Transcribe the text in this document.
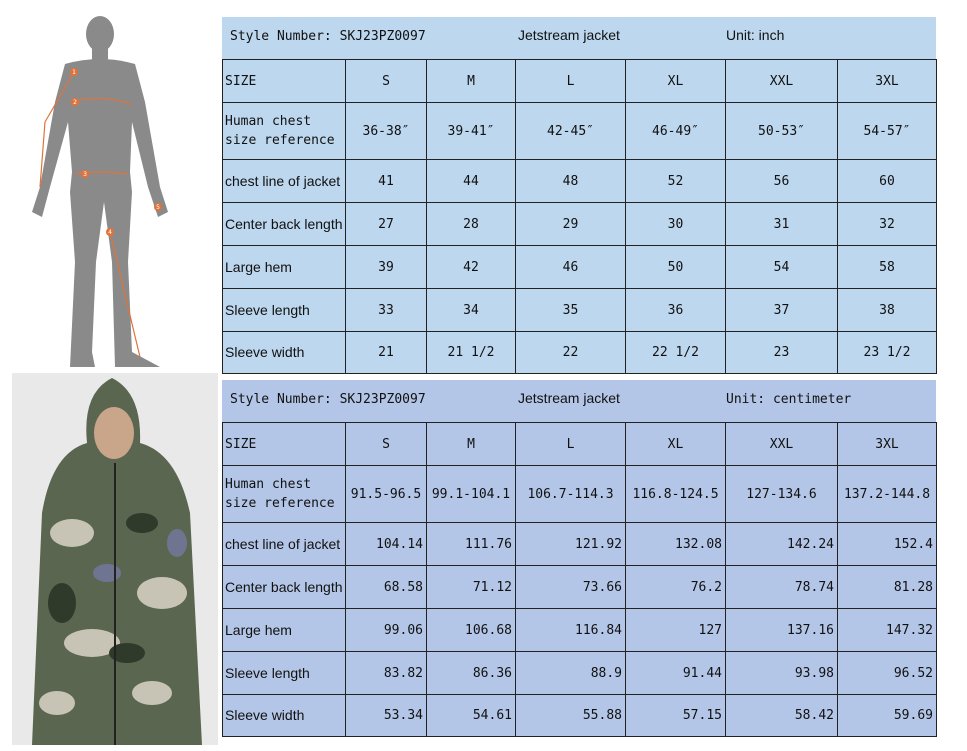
1
2
3
4
5
Style Number: SKJ23PZ0097	Jetstream jacket	Unit: inch
SIZE	S	M	L	XL	XXL	3XL
Human chest size reference	36-38″	39-41″	42-45″	46-49″	50-53″	54-57″
chest line of jacket	41	44	48	52	56	60
Center back length	27	28	29	30	31	32
Large hem	39	42	46	50	54	58
Sleeve length	33	34	35	36	37	38
Sleeve width	21	21 1/2	22	22 1/2	23	23 1/2
Style Number: SKJ23PZ0097	Jetstream jacket	Unit: centimeter
SIZE	S	M	L	XL	XXL	3XL
Human chest size reference	91.5-96.5	99.1-104.1	106.7-114.3	116.8-124.5	127-134.6	137.2-144.8
chest line of jacket	104.14	111.76	121.92	132.08	142.24	152.4
Center back length	68.58	71.12	73.66	76.2	78.74	81.28
Large hem	99.06	106.68	116.84	127	137.16	147.32
Sleeve length	83.82	86.36	88.9	91.44	93.98	96.52
Sleeve width	53.34	54.61	55.88	57.15	58.42	59.69
